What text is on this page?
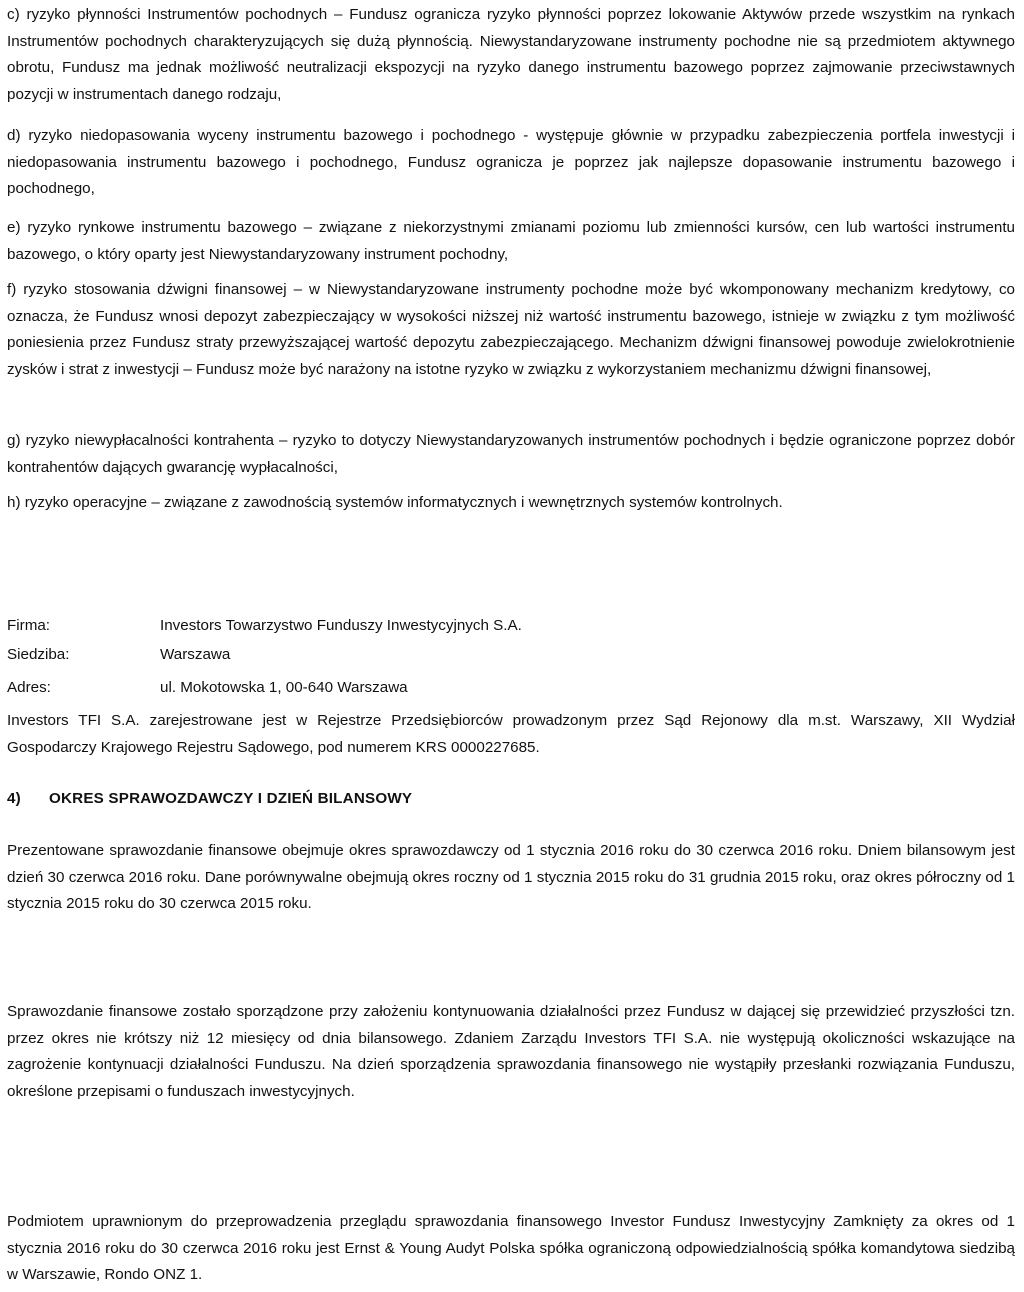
c) ryzyko płynności Instrumentów pochodnych – Fundusz ogranicza ryzyko płynności poprzez lokowanie Aktywów przede wszystkim na rynkach Instrumentów pochodnych charakteryzujących się dużą płynnością. Niewystandaryzowane instrumenty pochodne nie są przedmiotem aktywnego obrotu, Fundusz ma jednak możliwość neutralizacji ekspozycji na ryzyko danego instrumentu bazowego poprzez zajmowanie przeciwstawnych pozycji w instrumentach danego rodzaju,

d) ryzyko niedopasowania wyceny instrumentu bazowego i pochodnego - występuje głównie w przypadku zabezpieczenia portfela inwestycji i niedopasowania instrumentu bazowego i pochodnego, Fundusz ogranicza je poprzez jak najlepsze dopasowanie instrumentu bazowego i pochodnego,

e) ryzyko rynkowe instrumentu bazowego – związane z niekorzystnymi zmianami poziomu lub zmienności kursów, cen lub wartości instrumentu bazowego, o który oparty jest Niewystandaryzowany instrument pochodny,

f) ryzyko stosowania dźwigni finansowej – w Niewystandaryzowane instrumenty pochodne może być wkomponowany mechanizm kredytowy, co oznacza, że Fundusz wnosi depozyt zabezpieczający w wysokości niższej niż wartość instrumentu bazowego, istnieje w związku z tym możliwość poniesienia przez Fundusz straty przewyższającej wartość depozytu zabezpieczającego. Mechanizm dźwigni finansowej powoduje zwielokrotnienie zysków i strat z inwestycji – Fundusz może być narażony na istotne ryzyko w związku z wykorzystaniem mechanizmu dźwigni finansowej,

g) ryzyko niewypłacalności kontrahenta – ryzyko to dotyczy Niewystandaryzowanych instrumentów pochodnych i będzie ograniczone poprzez dobór kontrahentów dających gwarancję wypłacalności,

h) ryzyko operacyjne – związane z zawodnością systemów informatycznych i wewnętrznych systemów kontrolnych.

Firma:	Investors Towarzystwo Funduszy Inwestycyjnych S.A.
Siedziba:	Warszawa
Adres:	ul. Mokotowska 1, 00-640 Warszawa

Investors TFI S.A. zarejestrowane jest w Rejestrze Przedsiębiorców prowadzonym przez Sąd Rejonowy dla m.st. Warszawy, XII Wydział Gospodarczy Krajowego Rejestru Sądowego, pod numerem KRS 0000227685.

4) OKRES SPRAWOZDAWCZY I DZIEŃ BILANSOWY

Prezentowane sprawozdanie finansowe obejmuje okres sprawozdawczy od 1 stycznia 2016 roku do 30 czerwca 2016 roku. Dniem bilansowym jest dzień 30 czerwca 2016 roku. Dane porównywalne obejmują okres roczny od 1 stycznia 2015 roku do 31 grudnia 2015 roku, oraz okres półroczny od 1 stycznia 2015 roku do 30 czerwca 2015 roku.

Sprawozdanie finansowe zostało sporządzone przy założeniu kontynuowania działalności przez Fundusz w dającej się przewidzieć przyszłości tzn. przez okres nie krótszy niż 12 miesięcy od dnia bilansowego. Zdaniem Zarządu Investors TFI S.A. nie występują okoliczności wskazujące na zagrożenie kontynuacji działalności Funduszu. Na dzień sporządzenia sprawozdania finansowego nie wystąpiły przesłanki rozwiązania Funduszu, określone przepisami o funduszach inwestycyjnych.

Podmiotem uprawnionym do przeprowadzenia przeglądu sprawozdania finansowego Investor Fundusz Inwestycyjny Zamknięty za okres od 1 stycznia 2016 roku do 30 czerwca 2016 roku jest Ernst & Young Audyt Polska spółka ograniczoną odpowiedzialnością spółka komandytowa siedzibą w Warszawie, Rondo ONZ 1.
